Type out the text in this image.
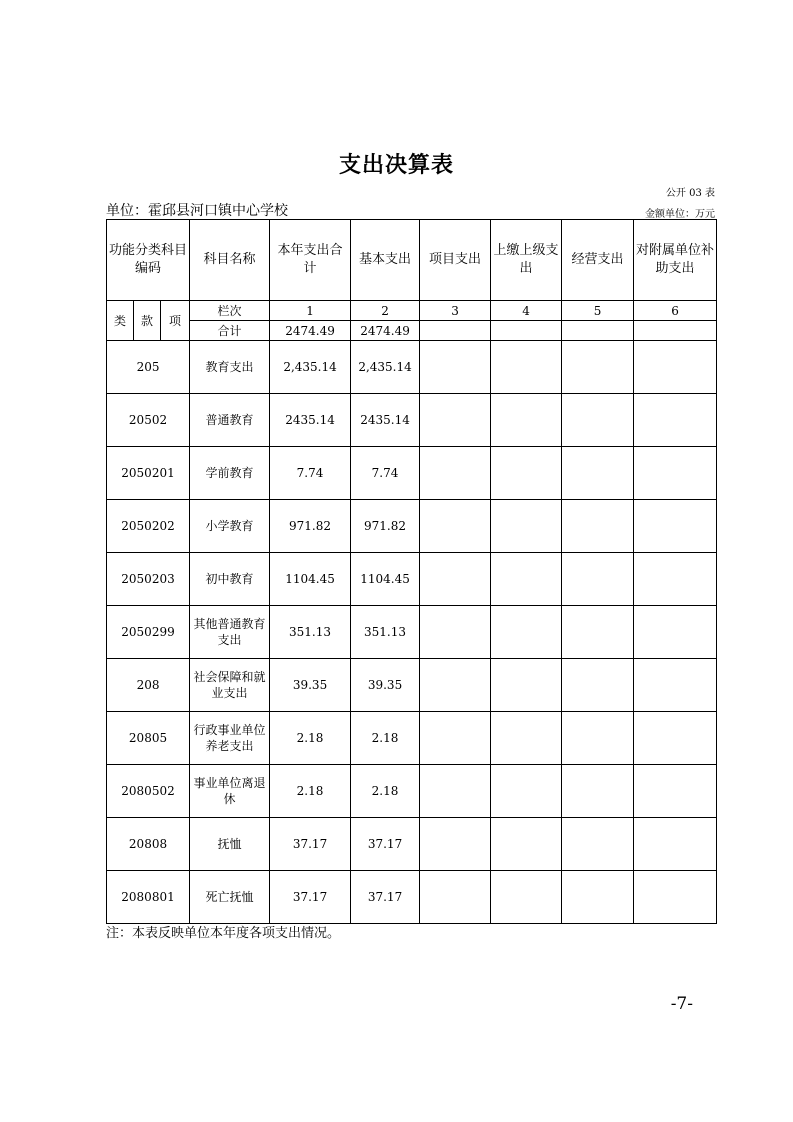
支出决算表
公开 03 表
单位：霍邱县河口镇中心学校	金额单位：万元
功能分类科目编码			科目名称	本年支出合计	基本支出	项目支出	上缴上级支出	经营支出	对附属单位补助支出
类	款	项	栏次	1	2	3	4	5	6
			合计	2474.49	2474.49				
205			教育支出	2,435.14	2,435.14				
20502			普通教育	2435.14	2435.14				
2050201			学前教育	7.74	7.74				
2050202			小学教育	971.82	971.82				
2050203			初中教育	1104.45	1104.45				
2050299			其他普通教育支出	351.13	351.13				
208			社会保障和就业支出	39.35	39.35				
20805			行政事业单位养老支出	2.18	2.18				
2080502			事业单位离退休	2.18	2.18				
20808			抚恤	37.17	37.17				
2080801			死亡抚恤	37.17	37.17				
注：本表反映单位本年度各项支出情况。
-7-
